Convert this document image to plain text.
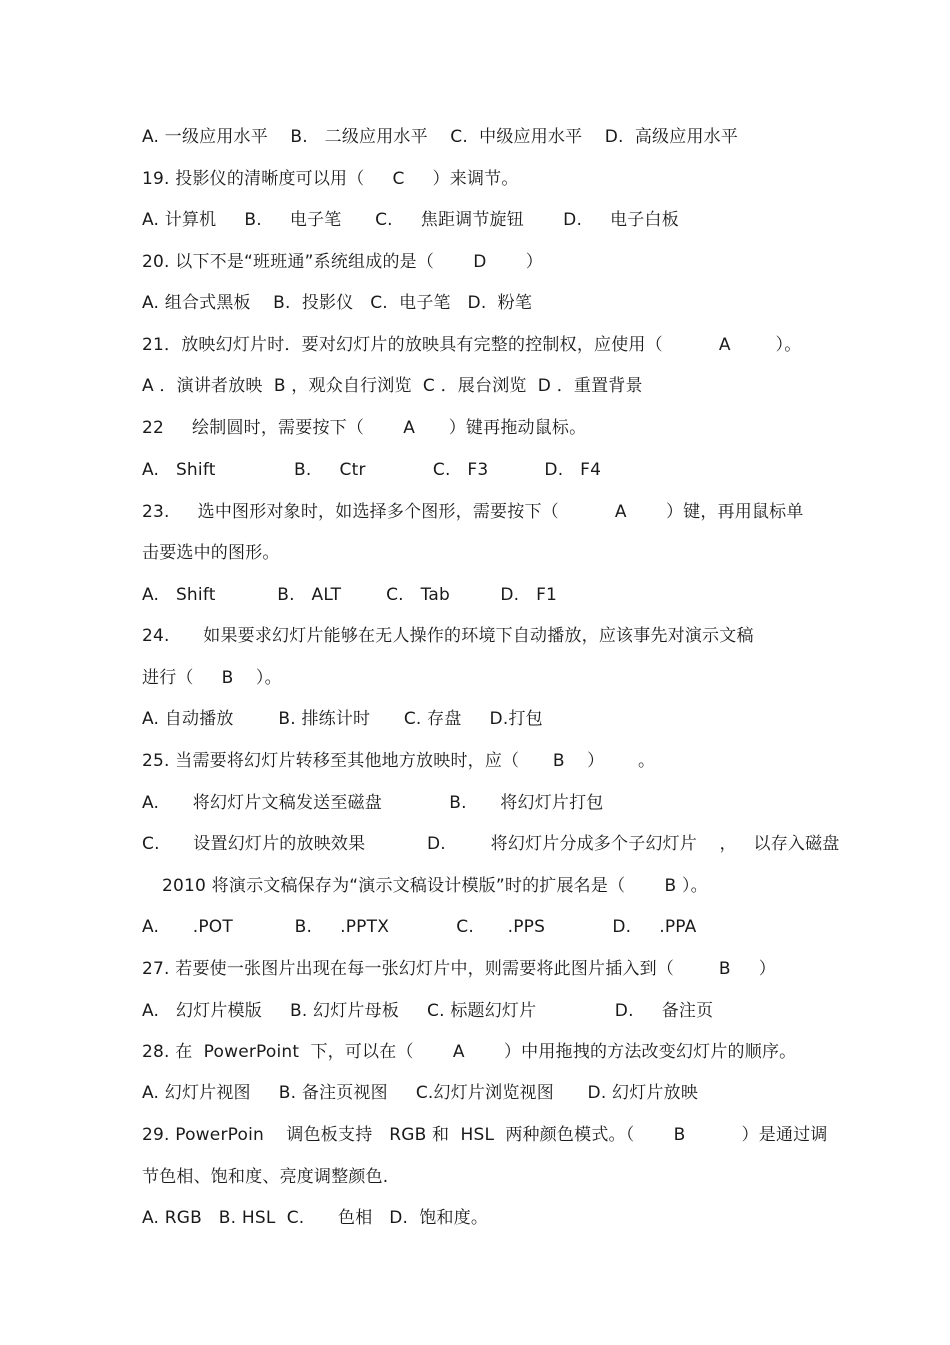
A. 一级应用水平    B.   二级应用水平    C.  中级应用水平    D.  高级应用水平
19. 投影仪的清晰度可以用（     C     ）来调节。
A. 计算机     B.     电子笔      C.     焦距调节旋钮       D.     电子白板
20. 以下不是“班班通”系统组成的是（       D       ）
A. 组合式黑板    B.  投影仪   C.  电子笔   D.  粉笔
21．放映幻灯片时．要对幻灯片的放映具有完整的控制权，应使用（          A        ）。
A ．演讲者放映  B ，观众自行浏览  C ．展台浏览  D ．重置背景
22     绘制圆时，需要按下（       A      ）键再拖动鼠标。
A.   Shift              B.     Ctr            C.   F3          D.   F4
23.     选中图形对象时，如选择多个图形，需要按下（          A       ）键，再用鼠标单
击要选中的图形。
A.   Shift           B.   ALT        C.   Tab         D.   F1
24.      如果要求幻灯片能够在无人操作的环境下自动播放，应该事先对演示文稿
进行（     B    ）。
A. 自动播放        B. 排练计时      C. 存盘     D.打包
25. 当需要将幻灯片转移至其他地方放映时，应（      B    ）      。
A.      将幻灯片文稿发送至磁盘            B.      将幻灯片打包
C.      设置幻灯片的放映效果           D.        将幻灯片分成多个子幻灯片    ，   以存入磁盘
2010 将演示文稿保存为“演示文稿设计模版”时的扩展名是（       B ）。
A.      .POT           B.     .PPTX            C.      .PPS            D.     .PPA
27. 若要使一张图片出现在每一张幻灯片中，则需要将此图片插入到（        B     ）
A.   幻灯片模版     B. 幻灯片母板     C. 标题幻灯片              D.     备注页
28. 在  PowerPoint  下，可以在（       A       ）中用拖拽的方法改变幻灯片的顺序。
A. 幻灯片视图     B. 备注页视图     C.幻灯片浏览视图      D. 幻灯片放映
29. PowerPoin    调色板支持   RGB 和  HSL  两种颜色模式。（       B          ）是通过调
节色相、饱和度、亮度调整颜色.
A. RGB   B. HSL  C.      色相   D.  饱和度。
